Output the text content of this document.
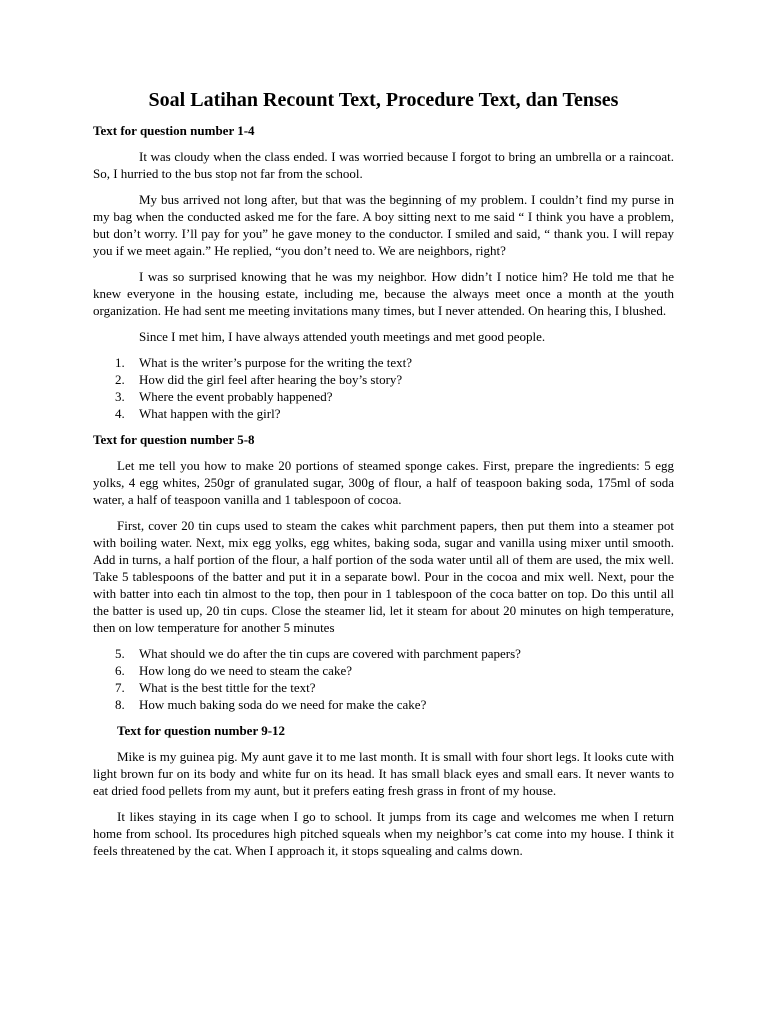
Soal Latihan Recount Text, Procedure Text, dan Tenses
Text for question number 1-4

It was cloudy when the class ended. I was worried because I forgot to bring an umbrella or a raincoat. So, I hurried to the bus stop not far from the school.

My bus arrived not long after, but that was the beginning of my problem. I couldn’t find my purse in my bag when the conducted asked me for the fare. A boy sitting next to me said “ I think you have a problem, but don’t worry. I’ll pay for you” he gave money to the conductor. I smiled and said, “ thank you. I will repay you if we meet again.” He replied, “you don’t need to. We are neighbors, right?

I was so surprised knowing that he was my neighbor. How didn’t I notice him? He told me that he knew everyone in the housing estate, including me, because the always meet once a month at the youth organization. He had sent me meeting invitations many times, but I never attended. On hearing this, I blushed.

Since I met him, I have always attended youth meetings and met good people.

1.	What is the writer’s purpose for the writing the text?
2.	How did the girl feel after hearing the boy’s story?
3.	Where the event probably happened?
4.	What happen with the girl?
Text for question number 5-8

Let me tell you how to make 20 portions of steamed sponge cakes. First, prepare the ingredients: 5 egg yolks, 4 egg whites, 250gr of granulated sugar, 300g of flour, a half of teaspoon baking soda, 175ml of soda water, a half of teaspoon vanilla and 1 tablespoon of cocoa.

First, cover 20 tin cups used to steam the cakes whit parchment papers, then put them into a steamer pot with boiling water. Next, mix egg yolks, egg whites, baking soda, sugar and vanilla using mixer until smooth. Add in turns, a half portion of the flour, a half portion of the soda water until all of them are used, the mix well. Take 5 tablespoons of the batter and put it in a separate bowl. Pour in the cocoa and mix well. Next, pour the with batter into each tin almost to the top, then pour in 1 tablespoon of the coca batter on top. Do this until all the batter is used up, 20 tin cups. Close the steamer lid, let it steam for about 20 minutes on high temperature, then on low temperature for another 5 minutes

5.	What should we do after the tin cups are covered with parchment papers?
6.	How long do we need to steam the cake?
7.	What is the best tittle for the text?
8.	How much baking soda do we need for make the cake?
Text for question number 9-12

Mike is my guinea pig. My aunt gave it to me last month. It is small with four short legs. It looks cute with light brown fur on its body and white fur on its head. It has small black eyes and small ears. It never wants to eat dried food pellets from my aunt, but it prefers eating fresh grass in front of my house.

It likes staying in its cage when I go to school. It jumps from its cage and welcomes me when I return home from school. Its procedures high pitched squeals when my neighbor’s cat come into my house. I think it feels threatened by the cat. When I approach it, it stops squealing and calms down.
